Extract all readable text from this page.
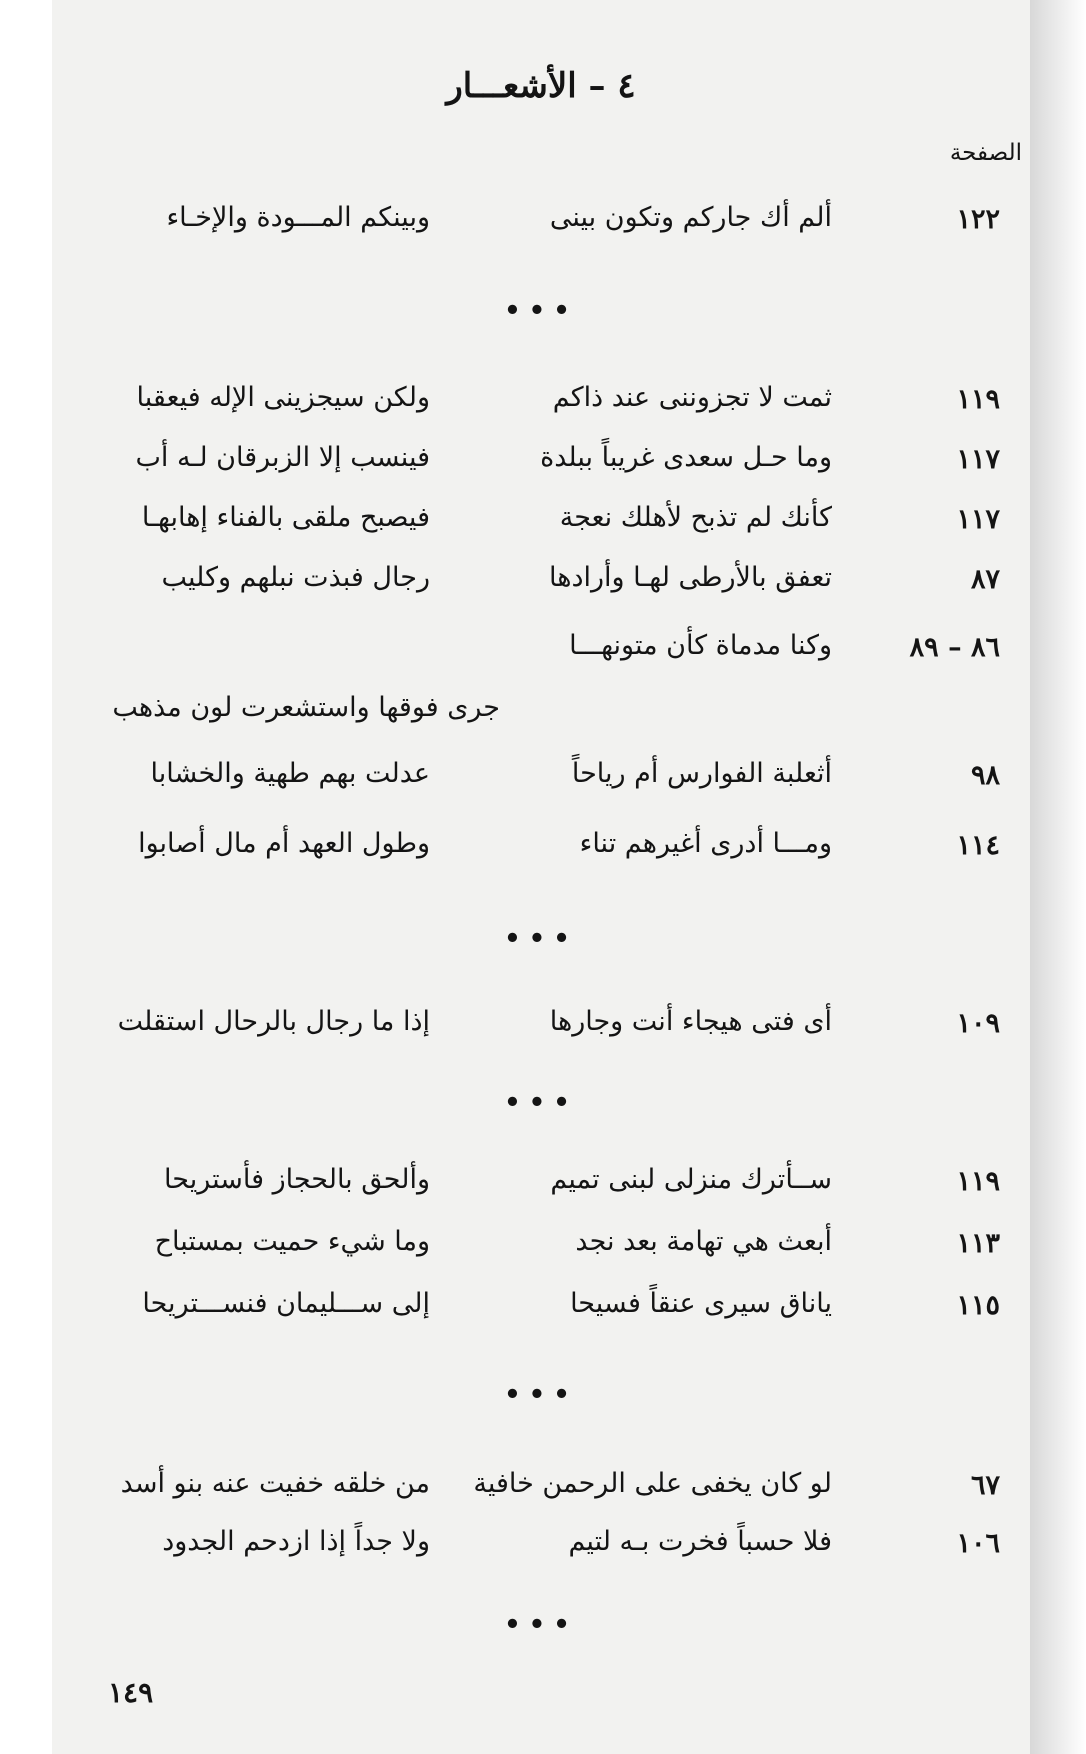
٤ – الأشعـــار
الصفحة
١٢٢
ألم أك جاركم وتكون بينى
وبينكم المـــودة والإخـاء
•••
١١٩
ثمت لا تجزوننى عند ذاكم
ولكن سيجزينى الإله فيعقبا
١١٧
وما حـل سعدى غريباً ببلدة
فينسب إلا الزبرقان لـه أب
١١٧
كأنك لم تذبح لأهلك نعجة
فيصبح ملقى بالفناء إهابهـا
٨٧
تعفق بالأرطى لهـا وأرادها
رجال فبذت نبلهم وكليب
٨٦ – ٨٩
وكنا مدماة كأن متونهـــا
جرى فوقها واستشعرت لون مذهب
٩٨
أثعلبة الفوارس أم رياحاً
عدلت بهم طهية والخشابا
١١٤
ومـــا أدرى أغيرهم تناء
وطول العهد أم مال أصابوا
•••
١٠٩
أى فتى هيجاء أنت وجارها
إذا ما رجال بالرحال استقلت
•••
١١٩
ســأترك منزلى لبنى تميم
وألحق بالحجاز فأستريحا
١١٣
أبعث هي تهامة بعد نجد
وما شيء حميت بمستباح
١١٥
ياناق سيرى عنقاً فسيحا
إلى ســـليمان فنســـتريحا
•••
٦٧
لو كان يخفى على الرحمن خافية
من خلقه خفيت عنه بنو أسد
١٠٦
فلا حسباً فخرت بـه لتيم
ولا جداً إذا ازدحم الجدود
•••
١٤٩
